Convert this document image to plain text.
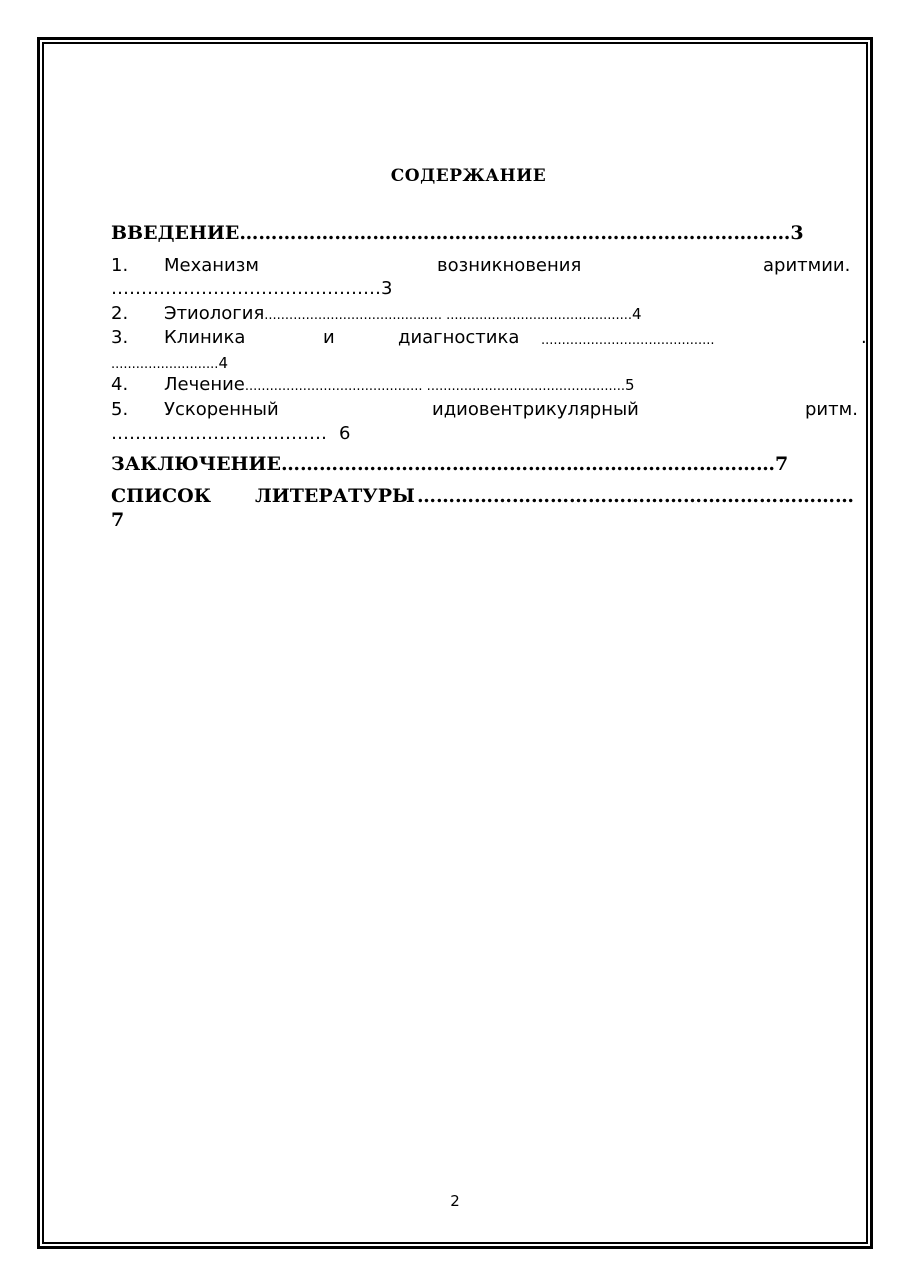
СОДЕРЖАНИЕ
ВВЕДЕНИЕ……………………………………………………………………………3
1. Механизм	возникновения	аритмии.
………………………………………3
2. Этиология........................................... .............................................4
3. Клиника	и	диагностика ..........................................	.
..........................4
4. Лечение........................................... ................................................5
5. Ускоренный	идиовентрикулярный	ритм.
……………………………… 6
ЗАКЛЮЧЕНИЕ……………………………………………………………………7
СПИСОК ЛИТЕРАТУРЫ ……………………………………………………………
7
2
